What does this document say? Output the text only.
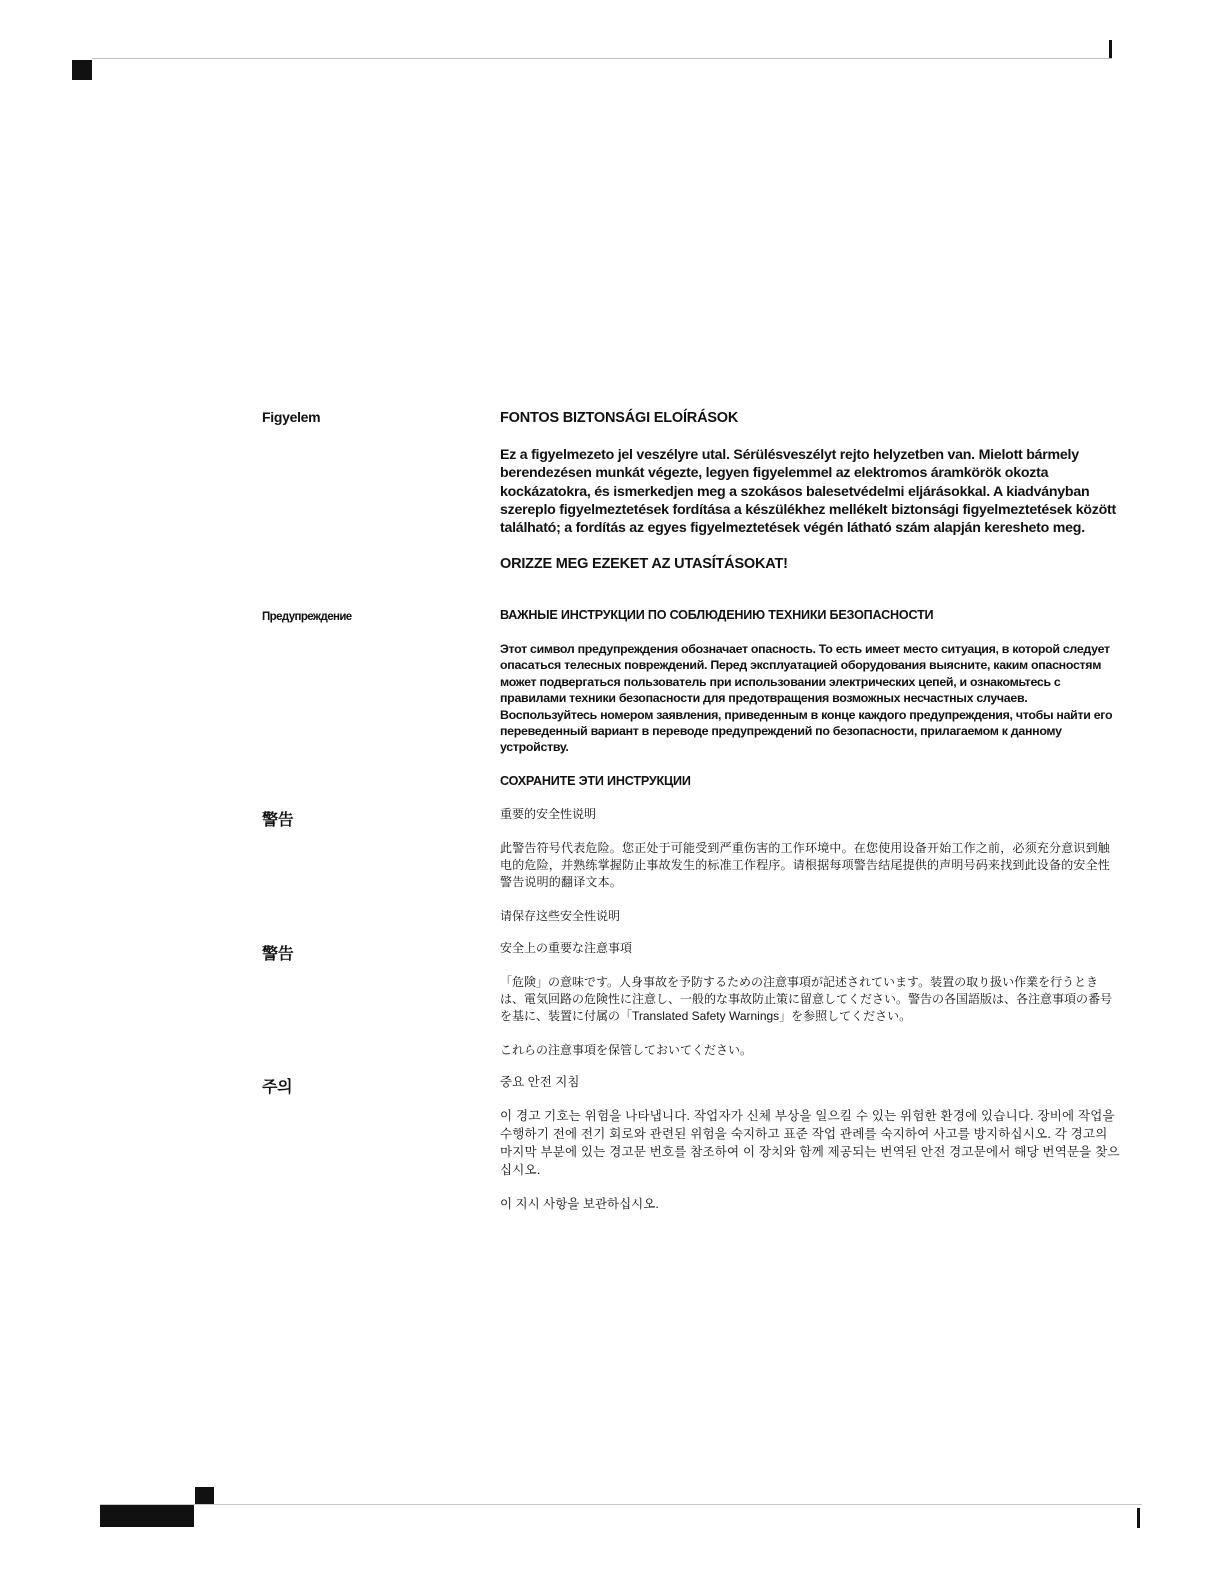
Figyelem	FONTOS BIZTONSÁGI ELOÍRÁSOK

Ez a figyelmezeto jel veszélyre utal. Sérülésveszélyt rejto helyzetben van. Mielott bármely berendezésen munkát végezte, legyen figyelemmel az elektromos áramkörök okozta kockázatokra, és ismerkedjen meg a szokásos balesetvédelmi eljárásokkal. A kiadványban szereplo figyelmeztetések fordítása a készülékhez mellékelt biztonsági figyelmeztetések között található; a fordítás az egyes figyelmeztetések végén látható szám alapján keresheto meg.

ORIZZE MEG EZEKET AZ UTASÍTÁSOKAT!

Предупреждение	ВАЖНЫЕ ИНСТРУКЦИИ ПО СОБЛЮДЕНИЮ ТЕХНИКИ БЕЗОПАСНОСТИ

Этот символ предупреждения обозначает опасность. То есть имеет место ситуация, в которой следует опасаться телесных повреждений. Перед эксплуатацией оборудования выясните, каким опасностям может подвергаться пользователь при использовании электрических цепей, и ознакомьтесь с правилами техники безопасности для предотвращения возможных несчастных случаев. Воспользуйтесь номером заявления, приведенным в конце каждого предупреждения, чтобы найти его переведенный вариант в переводе предупреждений по безопасности, прилагаемом к данному устройству.

СОХРАНИТЕ ЭТИ ИНСТРУКЦИИ

警告	重要的安全性说明

此警告符号代表危险。您正处于可能受到严重伤害的工作环境中。在您使用设备开始工作之前，必须充分意识到触电的危险，并熟练掌握防止事故发生的标准工作程序。请根据每项警告结尾提供的声明号码来找到此设备的安全性警告说明的翻译文本。

请保存这些安全性说明

警告	安全上の重要な注意事項

「危険」の意味です。人身事故を予防するための注意事項が記述されています。装置の取り扱い作業を行うときは、電気回路の危険性に注意し、一般的な事故防止策に留意してください。警告の各国語版は、各注意事項の番号を基に、装置に付属の「Translated Safety Warnings」を参照してください。

これらの注意事項を保管しておいてください。

주의	중요 안전 지침

이 경고 기호는 위험을 나타냅니다. 작업자가 신체 부상을 일으킬 수 있는 위험한 환경에 있습니다. 장비에 작업을 수행하기 전에 전기 회로와 관련된 위험을 숙지하고 표준 작업 관례를 숙지하여 사고를 방지하십시오. 각 경고의 마지막 부분에 있는 경고문 번호를 참조하여 이 장치와 함께 제공되는 번역된 안전 경고문에서 해당 번역문을 찾으십시오.

이 지시 사항을 보관하십시오.
